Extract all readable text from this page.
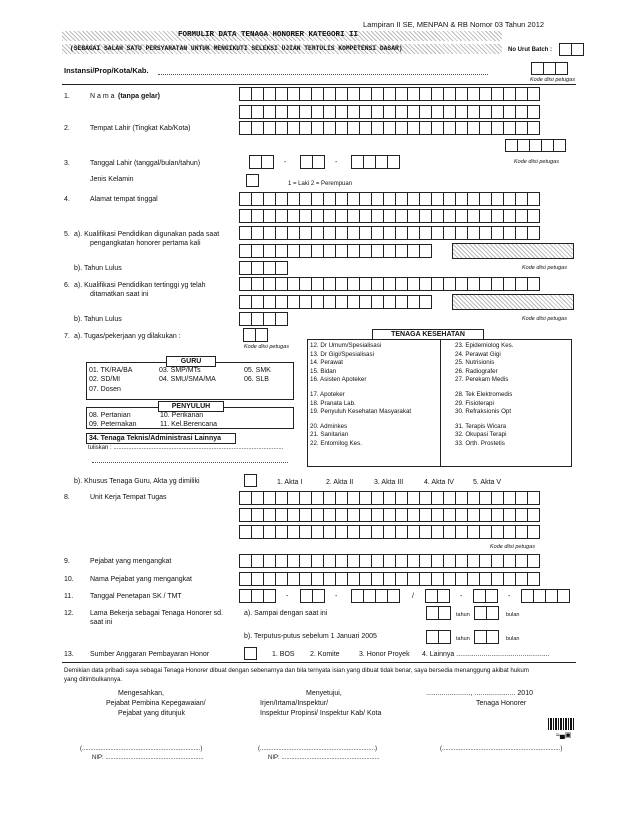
Lampiran II SE, MENPAN & RB Nomor 03 Tahun 2012
FORMULIR DATA TENAGA HONORER KATEGORI II
(SEBAGAI SALAH SATU PERSYARATAN UNTUK MENGIKUTI SELEKSI UJIAN TERTULIS KOMPETENSI DASAR)	No Urut Batch :
Instansi/Prop/Kota/Kab.
Kode diisi petugas
1.	N a m a (tanpa gelar)
2.	Tempat Lahir (Tingkat Kab/Kota)
3.	Tanggal Lahir (tanggal/bulan/tahun)	-	-	Kode diisi petugas
Jenis Kelamin
1 = Laki 2 = Perempuan
4.	Alamat tempat tinggal
5. a). Kualifikasi Pendidikan digunakan pada saat
pengangkatan honorer pertama kali
b). Tahun Lulus	Kode diisi petugas
6. a). Kualifikasi Pendidikan tertinggi yg telah
ditamatkan saat ini
b). Tahun Lulus	Kode diisi petugas
7. a). Tugas/pekerjaan yg dilakukan :
Kode diisi petugas
GURU
01. TK/RA/BA	03. SMP/MTs	05. SMK
02. SD/MI	04. SMU/SMA/MA	06. SLB
07. Dosen
PENYULUH
08. Pertanian	10. Perikanan
09. Peternakan	11. Kel.Berencana
34. Tenaga Teknis/Administrasi Lainnya
tuliskan : ......................................................................................................
TENAGA KESEHATAN
12. Dr Umum/Spesialisasi
13. Dr Gigi/Spesialisasi
14. Perawat
15. Bidan
16. Asisten Apoteker
17. Apoteker
18. Pranata Lab.
19. Penyuluh Kesehatan Masyarakat
20. Adminkes
21. Sanitarian
22. Entomilog Kes.
23. Epidemiolog Kes.
24. Perawat Gigi
25. Nutrisionis
26. Radiografer
27. Perekam Medis
28. Tek Elektromedis
29. Fisioterapi
30. Refraksionis Opt
31. Terapis Wicara
32. Okupasi Terapi
33. Orth. Prostetis
b). Khusus Tenaga Guru, Akta yg dimiliki	1. Akta I	2. Akta II	3. Akta III	4. Akta IV	5. Akta V
8.	Unit Kerja Tempat Tugas
Kode diisi petugas
9.	Pejabat yang mengangkat
10. Nama Pejabat yang mengangkat
11. Tanggal Penetapan SK / TMT	-	-	/	-	-
12. Lama Bekerja sebagai Tenaga Honorer sd.
saat ini
a). Sampai dengan saat ini	tahun	bulan
b). Terputus-putus sebelum 1 Januari 2005	tahun	bulan
13. Sumber Anggaran Pembayaran Honor	1. BOS 2. Komite	3. Honor Proyek 4. Lainnya ................................................
Demikian data pribadi saya sebagai Tenaga Honorer dibuat dengan sebenarnya dan bila ternyata isian yang dibuat tidak benar, saya bersedia menanggung akibat hukum
yang ditimbulkannya.
Mengesahkan,
Pejabat Pembina Kepegawaian/
Pejabat yang ditunjuk
Menyetujui,
Irjen/Irtama/Inspektur/
Inspektur Propinsi/ Inspektur Kab/ Kota
......................., ..................... 2010
Tenaga Honorer
≈▄▣
(.......................................................................)	(.....................................................................)	(.......................................................................)
NIP: ...........................................................	NIP: ...........................................................
